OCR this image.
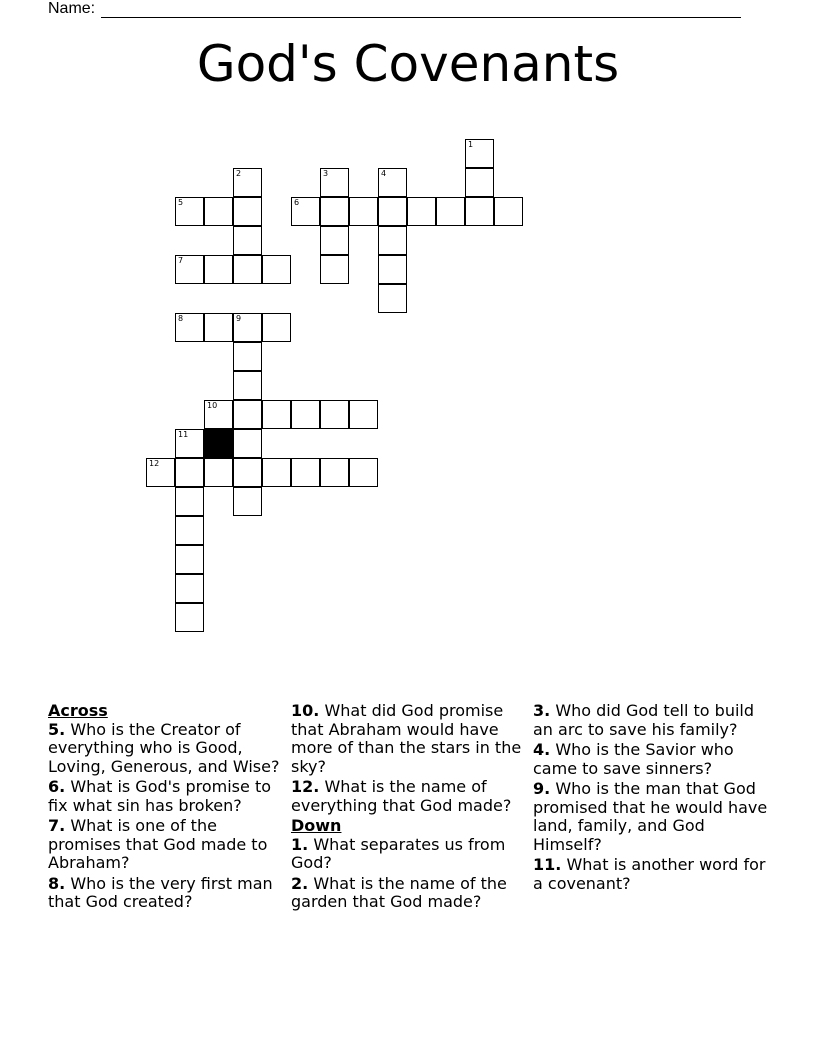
Name:
God's Covenants
1
2	3	4
5	6
7
8	9
10
11
12
Across
5. Who is the Creator of everything who is Good, Loving, Generous, and Wise?
6. What is God's promise to fix what sin has broken?
7. What is one of the promises that God made to Abraham?
8. Who is the very first man that God created?
10. What did God promise that Abraham would have more of than the stars in the sky?
12. What is the name of everything that God made?
Down
1. What separates us from God?
2. What is the name of the garden that God made?
3. Who did God tell to build an arc to save his family?
4. Who is the Savior who came to save sinners?
9. Who is the man that God promised that he would have land, family, and God Himself?
11. What is another word for a covenant?
